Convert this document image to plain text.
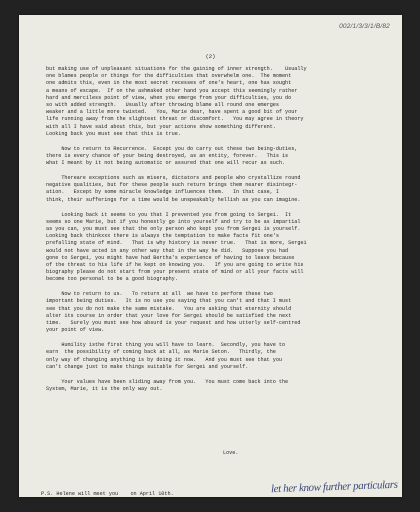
002/1/3/3/1/B/82
(2)
but making use of unpleasant situations for the gaining of inner strength.    Usually
one blames people or things for the difficulties that overwhelm one.  The moment
one admits this, even in the most secret recesses of one's heart, one has sought
a means of escape.  If on the ashmaked other hand you accept this seemingly rather
hard and merciless point of view, when you emerge from your difficulties, you do
so with added strength.   Usually after throwing blame all round one emerges
weaker and a little more twisted.   You, Marie dear, have spent a good bit of your
life running away from the slightest threat or discomfort.   You may agree in theory
with all I have said about this, but your actions show something different.
Looking back you must see that this is true.
Now to return to Recurrence.  Except you do carry out these two being-duties,
there is every chance of your being destroyed, as an entity, forever.   This is
what I meant by it not being automatic or assured that one will recur as such.
Thereare exceptions such as misers, dictators and people who crystallize round
negative qualities, but for these people such return brings them nearer disintegr-
ation.   Except by some miracle knowledge influences them.   In that case, I
think, their sufferings for a time would be unspeakably hellish as you can imagine.
Looking back it seems to you that I prevented you from going to Sergei.  It
seems so one Marie, but if you honestly go into yourself and try to be as impartial
as you can, you must see that the only person who kept you from Sergei is yourself.
Looking back thinkxxx there is always the temptation to make facts fit one's
prefalling state of mind.   That is why history is never true.   That is more, Sergei
would not have acted in any other way that in the way he did.   Suppose you had
gone to Sergei, you might have had Bertha's experience of having to leave because
of the threat to his life if he kept on knowing you.   If you are going to write his
biography please do not start from your present state of mind or all your facts will
become too personal to be a good biography.
Now to return to us.   To return at all  we have to perform these two
important being duties.   It is no use you saying that you can't and that I must
see that you do not make the same mistake.   You are asking that eternity should
alter its course in order that your love for Sergei should be satisfied the next
time.   Surely you must see how absurd is your request and how utterly self-centred
your point of view.
Humility isthe first thing you will have to learn.  Secondly, you have to
earn  the possibility of coming back at all, as Marie Seton.   Thirdly, the
only way of changing anything is by doing it now.   And you must see that you
can't change just to make things suitable for Sergei and yourself.
Your values have been sliding away from you.   You must come back into the
System, Marie, it is the only way out.
Love.
P.S. Helene will meet you    on April 10th.	let her know further particulars
